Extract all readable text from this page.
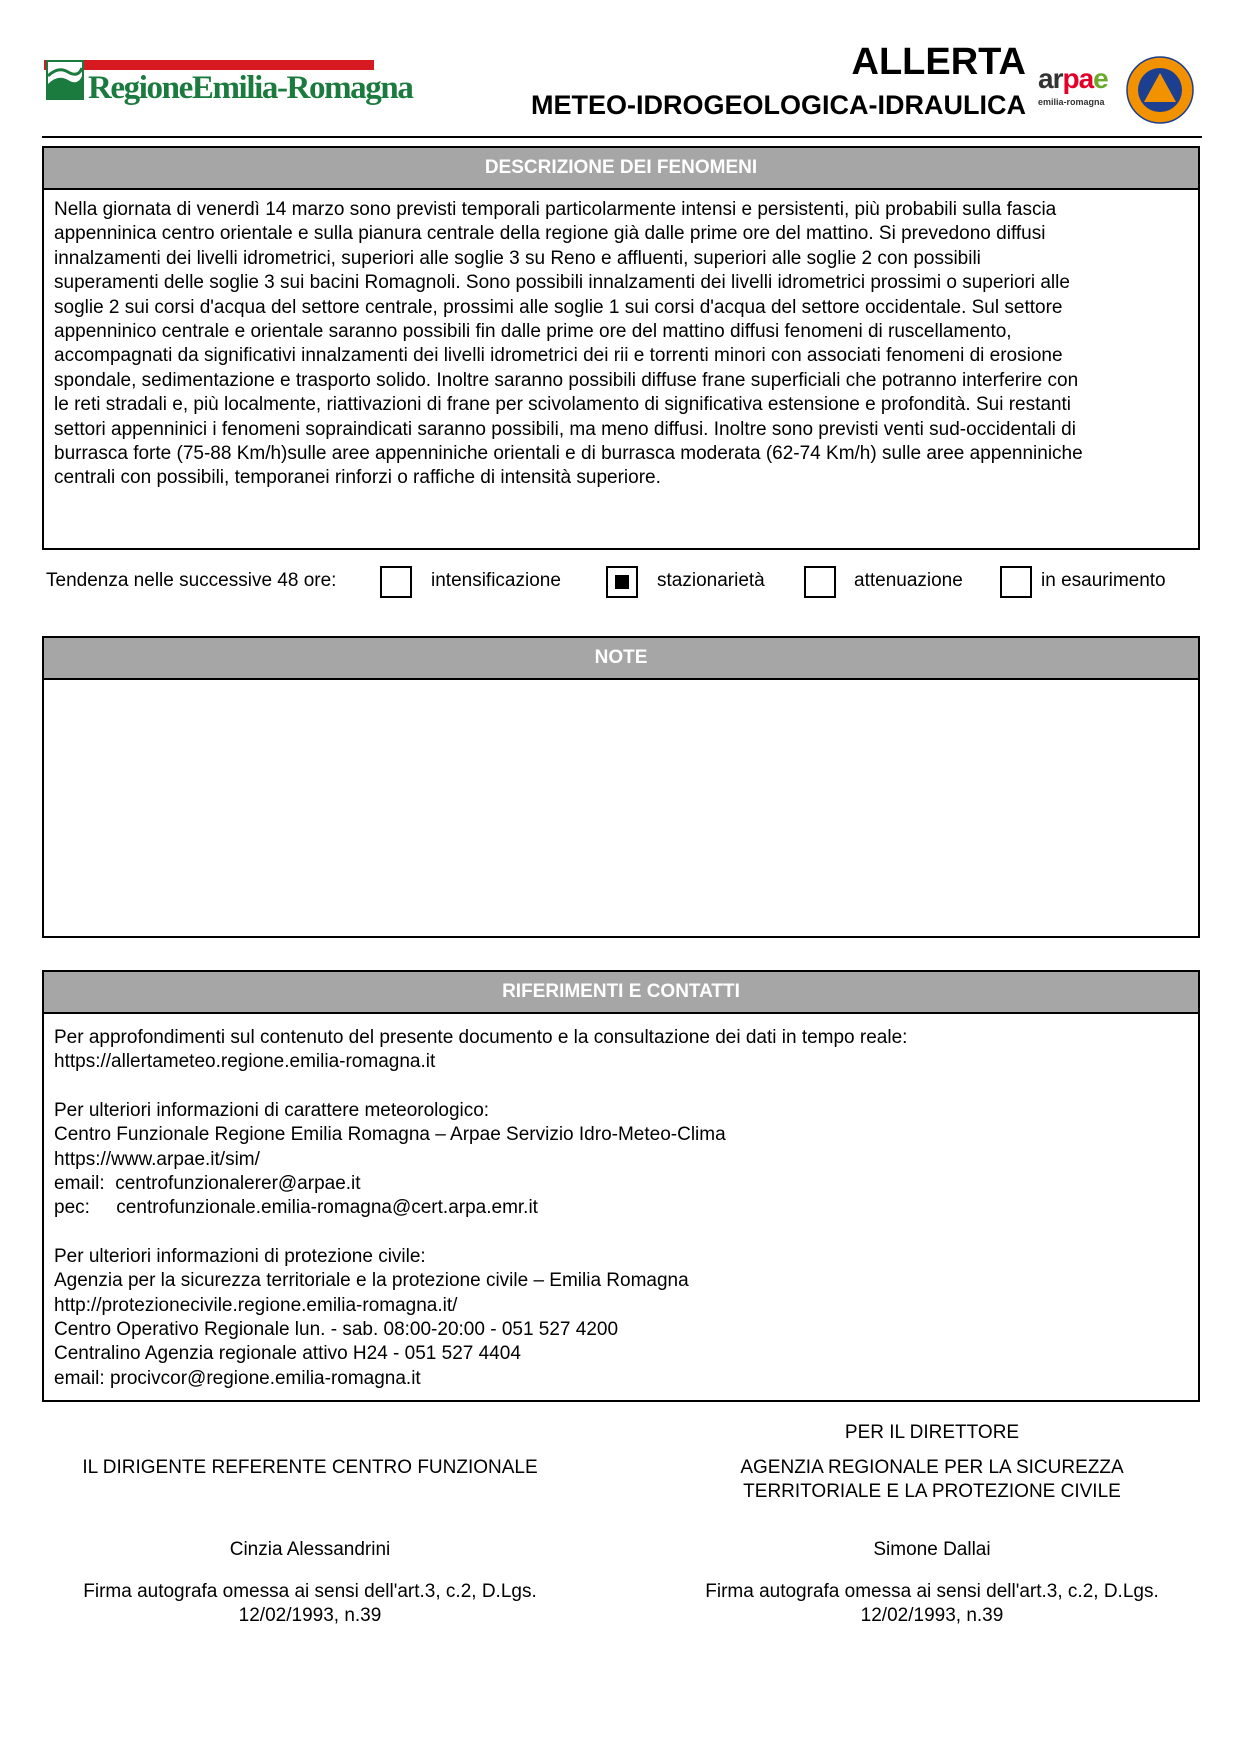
RegioneEmilia-Romagna
ALLERTA
METEO-IDROGEOLOGICA-IDRAULICA
arpae
emilia-romagna
DESCRIZIONE DEI FENOMENI
Nella giornata di venerdì 14 marzo sono previsti temporali particolarmente intensi e persistenti, più probabili sulla fascia
appenninica centro orientale e sulla pianura centrale della regione già dalle prime ore del mattino. Si prevedono diffusi
innalzamenti dei livelli idrometrici, superiori alle soglie 3 su Reno e affluenti, superiori alle soglie 2 con possibili
superamenti delle soglie 3 sui bacini Romagnoli. Sono possibili innalzamenti dei livelli idrometrici prossimi o superiori alle
soglie 2 sui corsi d'acqua del settore centrale, prossimi alle soglie 1 sui corsi d'acqua del settore occidentale. Sul settore
appenninico centrale e orientale saranno possibili fin dalle prime ore del mattino diffusi fenomeni di ruscellamento,
accompagnati da significativi innalzamenti dei livelli idrometrici dei rii e torrenti minori con associati fenomeni di erosione
spondale, sedimentazione e trasporto solido. Inoltre saranno possibili diffuse frane superficiali che potranno interferire con
le reti stradali e, più localmente, riattivazioni di frane per scivolamento di significativa estensione e profondità. Sui restanti
settori appenninici i fenomeni sopraindicati saranno possibili, ma meno diffusi. Inoltre sono previsti venti sud-occidentali di
burrasca forte (75-88 Km/h)sulle aree appenniniche orientali e di burrasca moderata (62-74 Km/h) sulle aree appenniniche
centrali con possibili, temporanei rinforzi o raffiche di intensità superiore.
Tendenza nelle successive 48 ore:	intensificazione	stazionarietà	attenuazione	in esaurimento
NOTE
RIFERIMENTI E CONTATTI
Per approfondimenti sul contenuto del presente documento e la consultazione dei dati in tempo reale:
https://allertameteo.regione.emilia-romagna.it
Per ulteriori informazioni di carattere meteorologico:
Centro Funzionale Regione Emilia Romagna – Arpae Servizio Idro-Meteo-Clima
https://www.arpae.it/sim/
email:  centrofunzionalerer@arpae.it
pec:     centrofunzionale.emilia-romagna@cert.arpa.emr.it
Per ulteriori informazioni di protezione civile:
Agenzia per la sicurezza territoriale e la protezione civile – Emilia Romagna
http://protezionecivile.regione.emilia-romagna.it/
Centro Operativo Regionale lun. - sab. 08:00-20:00 - 051 527 4200
Centralino Agenzia regionale attivo H24 - 051 527 4404
email: procivcor@regione.emilia-romagna.it
IL DIRIGENTE REFERENTE CENTRO FUNZIONALE
Cinzia Alessandrini
Firma autografa omessa ai sensi dell'art.3, c.2, D.Lgs.
12/02/1993, n.39
PER IL DIRETTORE
AGENZIA REGIONALE PER LA SICUREZZA
TERRITORIALE E LA PROTEZIONE CIVILE
Simone Dallai
Firma autografa omessa ai sensi dell'art.3, c.2, D.Lgs.
12/02/1993, n.39
